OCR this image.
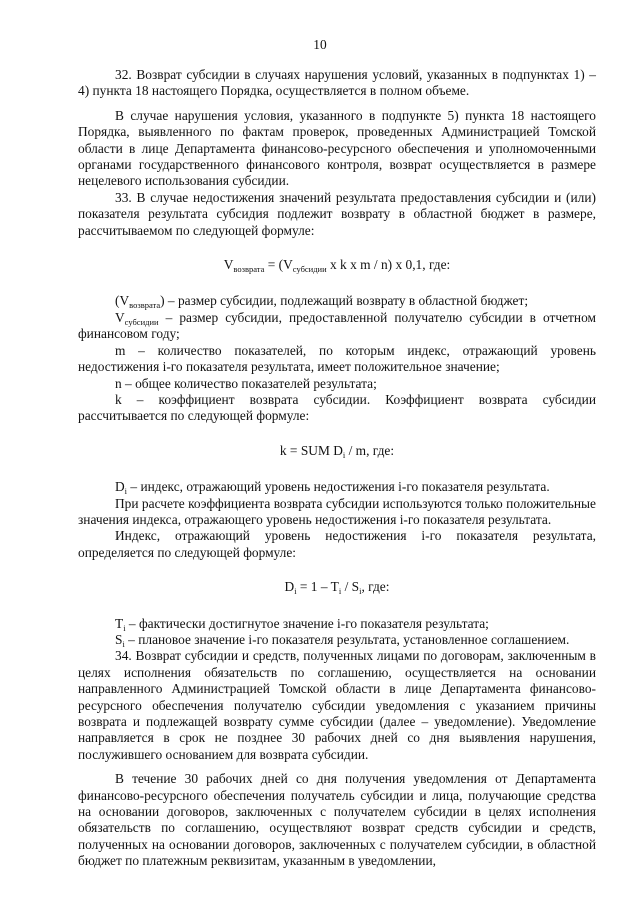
10

32. Возврат субсидии в случаях нарушения условий, указанных в подпунктах 1) – 4) пункта 18 настоящего Порядка, осуществляется в полном объеме.

В случае нарушения условия, указанного в подпункте 5) пункта 18 настоящего Порядка, выявленного по фактам проверок, проведенных Администрацией Томской области в лице Департамента финансово-ресурсного обеспечения и уполномоченными органами государственного финансового контроля, возврат осуществляется в размере нецелевого использования субсидии.

33. В случае недостижения значений результата предоставления субсидии и (или) показателя результата субсидия подлежит возврату в областной бюджет в размере, рассчитываемом по следующей формуле:

$V_{возврата} = (V_{субсидии}$ x k x m / n) x 0,1, где:

$(V_{возврата})$ – размер субсидии, подлежащий возврату в областной бюджет;

$V_{субсидии}$ – размер субсидии, предоставленной получателю субсидии в отчетном финансовом году;

m – количество показателей, по которым индекс, отражающий уровень недостижения i-го показателя результата, имеет положительное значение;

n – общее количество показателей результата;

k – коэффициент возврата субсидии. Коэффициент возврата субсидии рассчитывается по следующей формуле:

k = SUM $D_i$ / m, где:

$D_i$ – индекс, отражающий уровень недостижения i-го показателя результата.

При расчете коэффициента возврата субсидии используются только положительные значения индекса, отражающего уровень недостижения i-го показателя результата.

Индекс, отражающий уровень недостижения i-го показателя результата, определяется по следующей формуле:

$D_i = 1 - T_i / S_i$, где:

$T_i$ – фактически достигнутое значение i-го показателя результата;

$S_i$ – плановое значение i-го показателя результата, установленное соглашением.

34. Возврат субсидии и средств, полученных лицами по договорам, заключенным в целях исполнения обязательств по соглашению, осуществляется на основании направленного Администрацией Томской области в лице Департамента финансово-ресурсного обеспечения получателю субсидии уведомления с указанием причины возврата и подлежащей возврату сумме субсидии (далее – уведомление). Уведомление направляется в срок не позднее 30 рабочих дней со дня выявления нарушения, послужившего основанием для возврата субсидии.

В течение 30 рабочих дней со дня получения уведомления от Департамента финансово-ресурсного обеспечения получатель субсидии и лица, получающие средства на основании договоров, заключенных с получателем субсидии в целях исполнения обязательств по соглашению, осуществляют возврат средств субсидии и средств, полученных на основании договоров, заключенных с получателем субсидии, в областной бюджет по платежным реквизитам, указанным в уведомлении,
